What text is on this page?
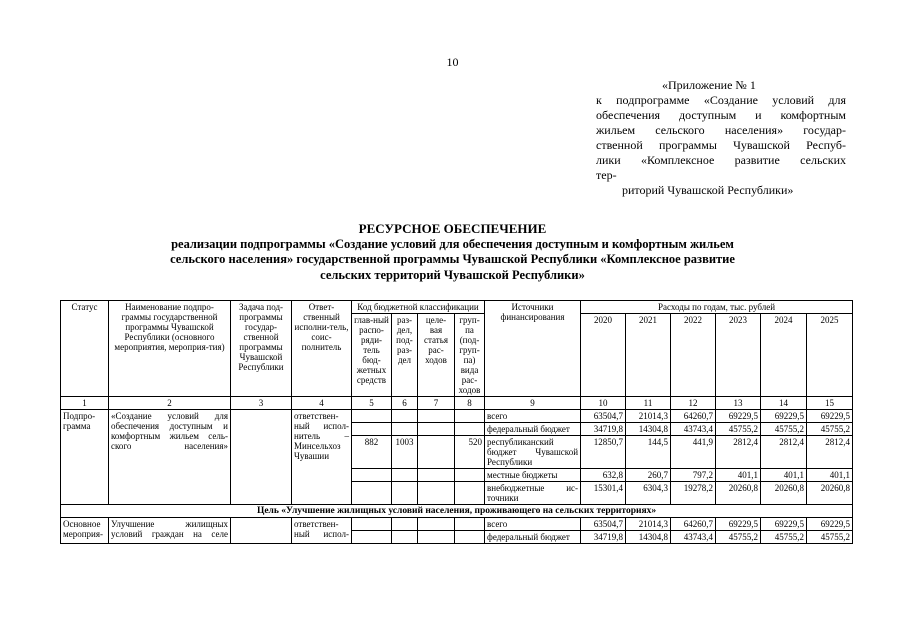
10
«Приложение № 1
к подпрограмме «Создание условий для
обеспечения доступным и комфортным
жильем сельского населения» государ-
ственной программы Чувашской Респуб-
лики «Комплексное развитие сельских
тер-
риторий Чувашской Республики»
РЕСУРСНОЕ ОБЕСПЕЧЕНИЕ
реализации подпрограммы «Создание условий для обеспечения доступным и комфортным жильем
сельского населения» государственной программы Чувашской Республики «Комплексное развитие
сельских территорий Чувашской Республики»
Статус	Наименование подпро-граммы государственной программы Чувашской Республики (основного мероприятия, мероприя-тия)	Задача под-программы государ-ственной программы Чувашской Республики	Ответ-ственный исполни-тель, соис-полнитель	Код бюджетной классификации				Источники финансирования	Расходы по годам, тыс. рублей					
				глав-ный распо-ряди-тель бюд-жетных средств	раз-дел, под-раз-дел	целе-вая статья рас-ходов	груп-па (под-груп-па) вида рас-ходов		2020	2021	2022	2023	2024	2025

1	2	3	4	5	6	7	8	9	10	11	12	13	14	15
Подпро-грамма	«Создание условий для обеспечения доступным и комфортным жильем сель-ского населения»		ответствен-ный испол-нитель – Минсельхоз Чувашии					всего	63504,7	21014,3	64260,7	69229,5	69229,5	69229,5
								федеральный бюджет	34719,8	14304,8	43743,4	45755,2	45755,2	45755,2
				882	1003		520	республиканский бюджет Чувашской Республики	12850,7	144,5	441,9	2812,4	2812,4	2812,4
								местные бюджеты	632,8	260,7	797,2	401,1	401,1	401,1
								внебюджетные ис-точники	15301,4	6304,3	19278,2	20260,8	20260,8	20260,8
Цель «Улучшение жилищных условий населения, проживающего на сельских территориях»														
Основное мероприя-	Улучшение жилищных условий граждан на селе		ответствен-ный испол-					всего	63504,7	21014,3	64260,7	69229,5	69229,5	69229,5
								федеральный бюджет	34719,8	14304,8	43743,4	45755,2	45755,2	45755,2
